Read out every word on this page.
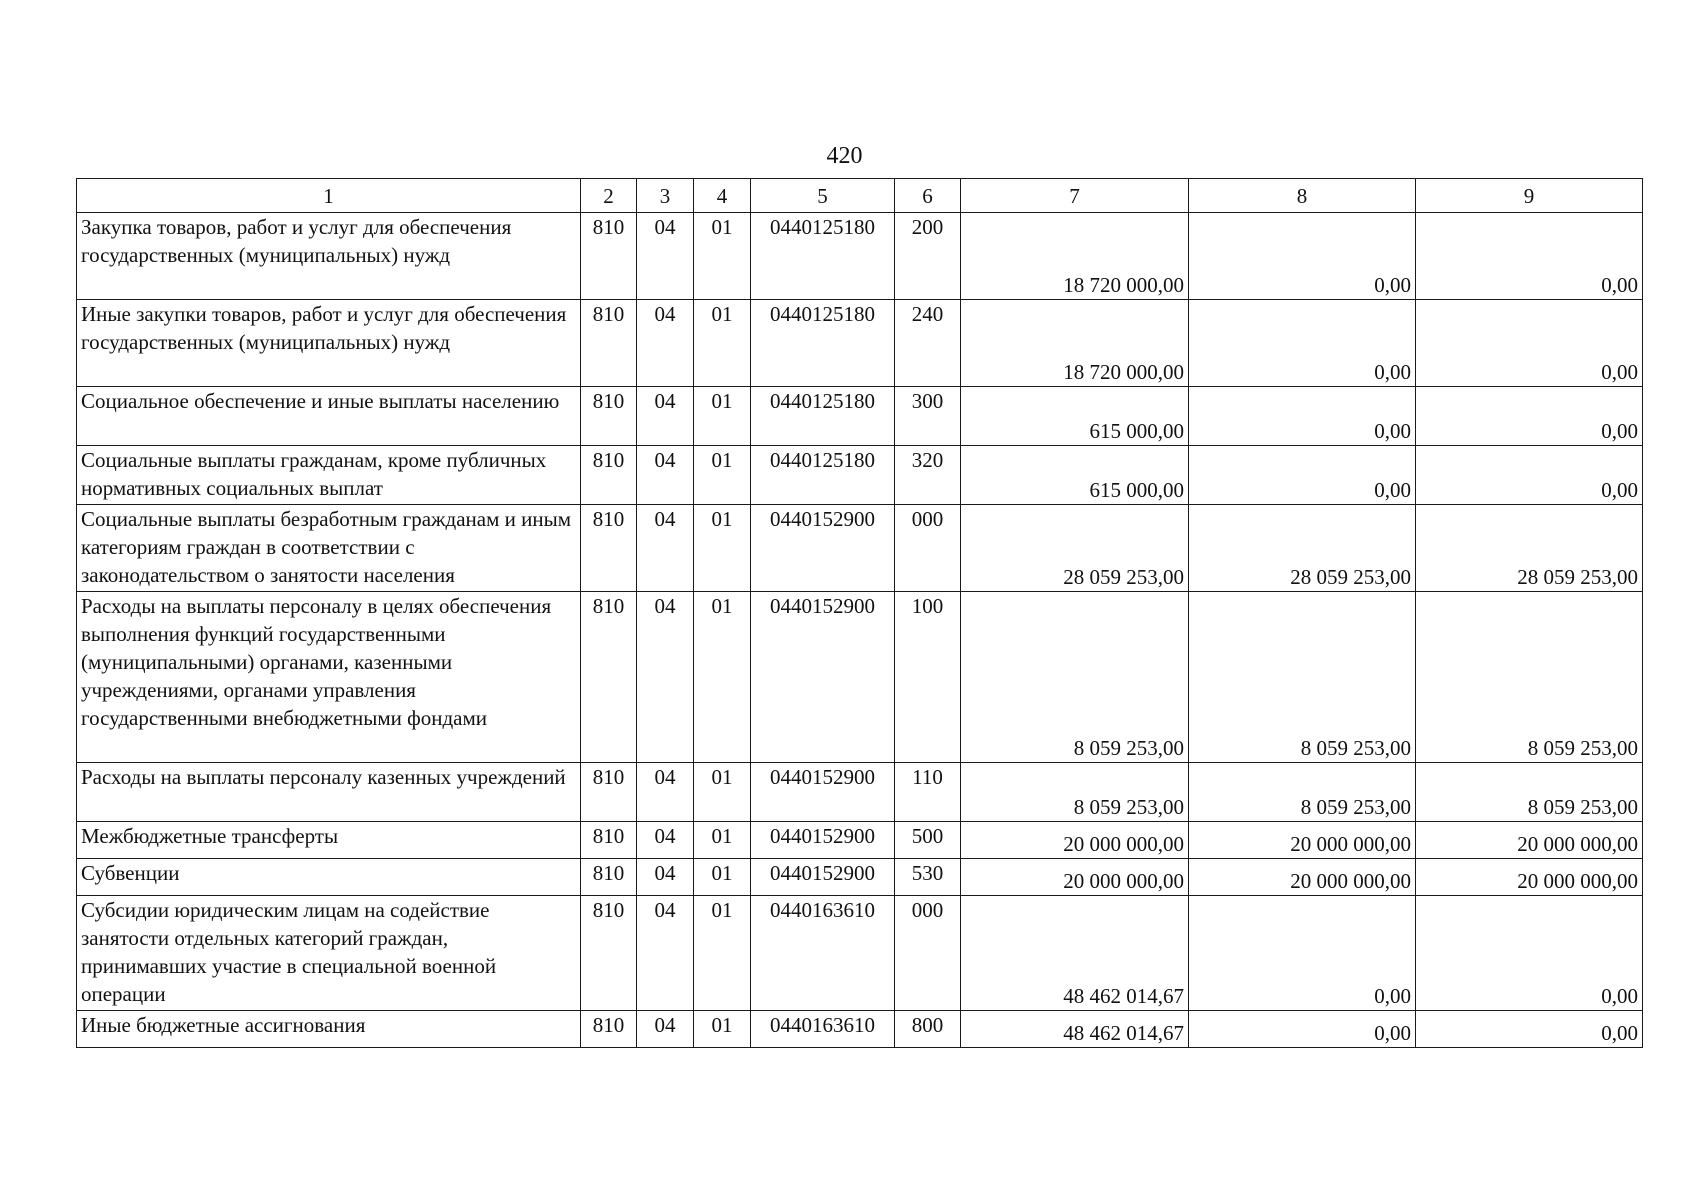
420
1	2	3	4	5	6	7	8	9
Закупка товаров, работ и услуг для обеспечения государственных (муниципальных) нужд	810	04	01	0440125180	200	18 720 000,00	0,00	0,00
Иные закупки товаров, работ и услуг для обеспечения государственных (муниципальных) нужд	810	04	01	0440125180	240	18 720 000,00	0,00	0,00
Социальное обеспечение и иные выплаты населению	810	04	01	0440125180	300	615 000,00	0,00	0,00
Социальные выплаты гражданам, кроме публичных нормативных социальных выплат	810	04	01	0440125180	320	615 000,00	0,00	0,00
Социальные выплаты безработным гражданам и иным категориям граждан в соответствии с законодательством о занятости населения	810	04	01	0440152900	000	28 059 253,00	28 059 253,00	28 059 253,00
Расходы на выплаты персоналу в целях обеспечения выполнения функций государственными (муниципальными) органами, казенными учреждениями, органами управления государственными внебюджетными фондами	810	04	01	0440152900	100	8 059 253,00	8 059 253,00	8 059 253,00
Расходы на выплаты персоналу казенных учреждений	810	04	01	0440152900	110	8 059 253,00	8 059 253,00	8 059 253,00
Межбюджетные трансферты	810	04	01	0440152900	500	20 000 000,00	20 000 000,00	20 000 000,00
Субвенции	810	04	01	0440152900	530	20 000 000,00	20 000 000,00	20 000 000,00
Субсидии юридическим лицам на содействие занятости отдельных категорий граждан, принимавших участие в специальной военной операции	810	04	01	0440163610	000	48 462 014,67	0,00	0,00
Иные бюджетные ассигнования	810	04	01	0440163610	800	48 462 014,67	0,00	0,00
